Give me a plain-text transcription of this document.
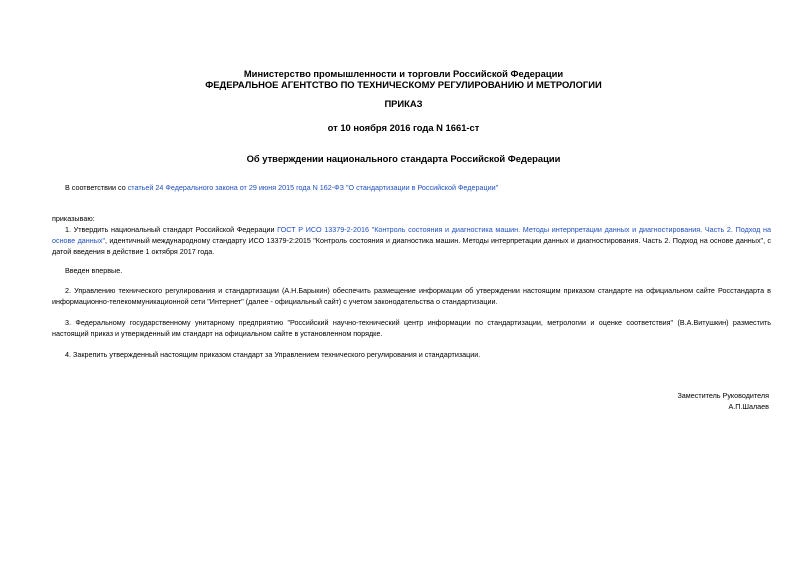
Министерство промышленности и торговли Российской Федерации
ФЕДЕРАЛЬНОЕ АГЕНТСТВО ПО ТЕХНИЧЕСКОМУ РЕГУЛИРОВАНИЮ И МЕТРОЛОГИИ
ПРИКАЗ
от 10 ноября 2016 года N 1661-ст
Об утверждении национального стандарта Российской Федерации
В соответствии со статьей 24 Федерального закона от 29 июня 2015 года N 162-ФЗ "О стандартизации в Российской Федерации"
приказываю:
1. Утвердить национальный стандарт Российской Федерации ГОСТ Р ИСО 13379-2-2016 "Контроль состояния и диагностика машин. Методы интерпретации данных и диагностирования. Часть 2. Подход на основе данных", идентичный международному стандарту ИСО 13379-2:2015 "Контроль состояния и диагностика машин. Методы интерпретации данных и диагностирования. Часть 2. Подход на основе данных", с датой введения в действие 1 октября 2017 года.
Введен впервые.
2. Управлению технического регулирования и стандартизации (А.Н.Барыкин) обеспечить размещение информации об утверждении настоящим приказом стандарте на официальном сайте Росстандарта в информационно-телекоммуникационной сети "Интернет" (далее - официальный сайт) с учетом законодательства о стандартизации.
3. Федеральному государственному унитарному предприятию "Российский научно-технический центр информации по стандартизации, метрологии и оценке соответствия" (В.А.Витушкин) разместить настоящий приказ и утвержденный им стандарт на официальном сайте в установленном порядке.
4. Закрепить утвержденный настоящим приказом стандарт за Управлением технического регулирования и стандартизации.
Заместитель Руководителя
А.П.Шалаев
